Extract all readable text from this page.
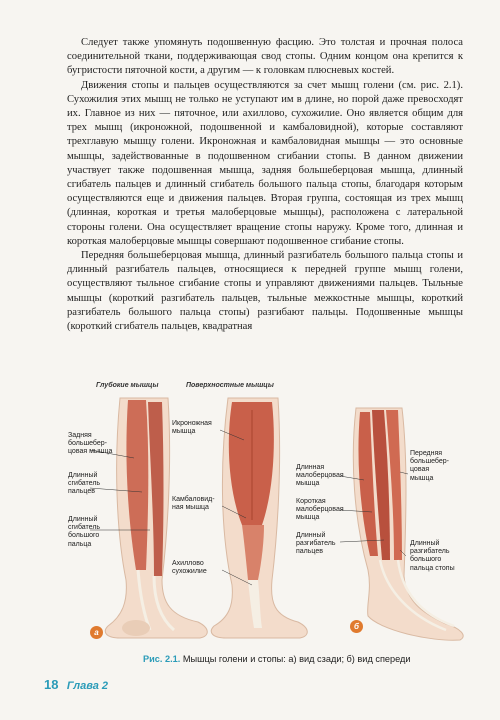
Следует также упомянуть подошвенную фасцию. Это толстая и прочная полоса соединительной ткани, поддерживающая свод стопы. Одним концом она крепится к бугристости пяточной кости, а другим — к головкам плюсневых костей.

Движения стопы и пальцев осуществляются за счет мышц голени (см. рис. 2.1). Сухожилия этих мышц не только не уступают им в длине, но порой даже превосходят их. Главное из них — пяточное, или ахиллово, сухожилие. Оно является общим для трех мышц (икроножной, подошвенной и камбаловидной), которые составляют трехглавую мышцу голени. Икроножная и камбаловидная мышцы — это основные мышцы, задействованные в подошвенном сгибании стопы. В данном движении участвует также подошвенная мышца, задняя большеберцовая мышца, длинный сгибатель пальцев и длинный сгибатель большого пальца стопы, благодаря которым осуществляются еще и движения пальцев. Вторая группа, состоящая из трех мышц (длинная, короткая и третья малоберцовые мышцы), расположена с латеральной стороны голени. Она осуществляет вращение стопы наружу. Кроме того, длинная и короткая малоберцовые мышцы совершают подошвенное сгибание стопы.

Передняя большеберцовая мышца, длинный разгибатель большого пальца стопы и длинный разгибатель пальцев, относящиеся к передней группе мышц голени, осуществляют тыльное сгибание стопы и управляют движениями пальцев. Тыльные мышцы (короткий разгибатель пальцев, тыльные межкостные мышцы, короткий разгибатель большого пальца стопы) разгибают пальцы. Подошвенные мышцы (короткий сгибатель пальцев, квадратная

Глубокие мышцы	Поверхностные мышцы
Задняя
большебер-
цовая мышца
Длинный
сгибатель
пальцев
Длинный
сгибатель
большого
пальца
Икроножная
мышца
Камбаловид-
ная мышца
Ахиллово
сухожилие
Длинная
малоберцовая
мышца
Короткая
малоберцовая
мышца
Длинный
разгибатель
пальцев
Передняя
большебер-
цовая
мышца
Длинный
разгибатель
большого
пальца стопы
a
б
Рис. 2.1. Мышцы голени и стопы: а) вид сзади; б) вид спереди
18 Глава 2
